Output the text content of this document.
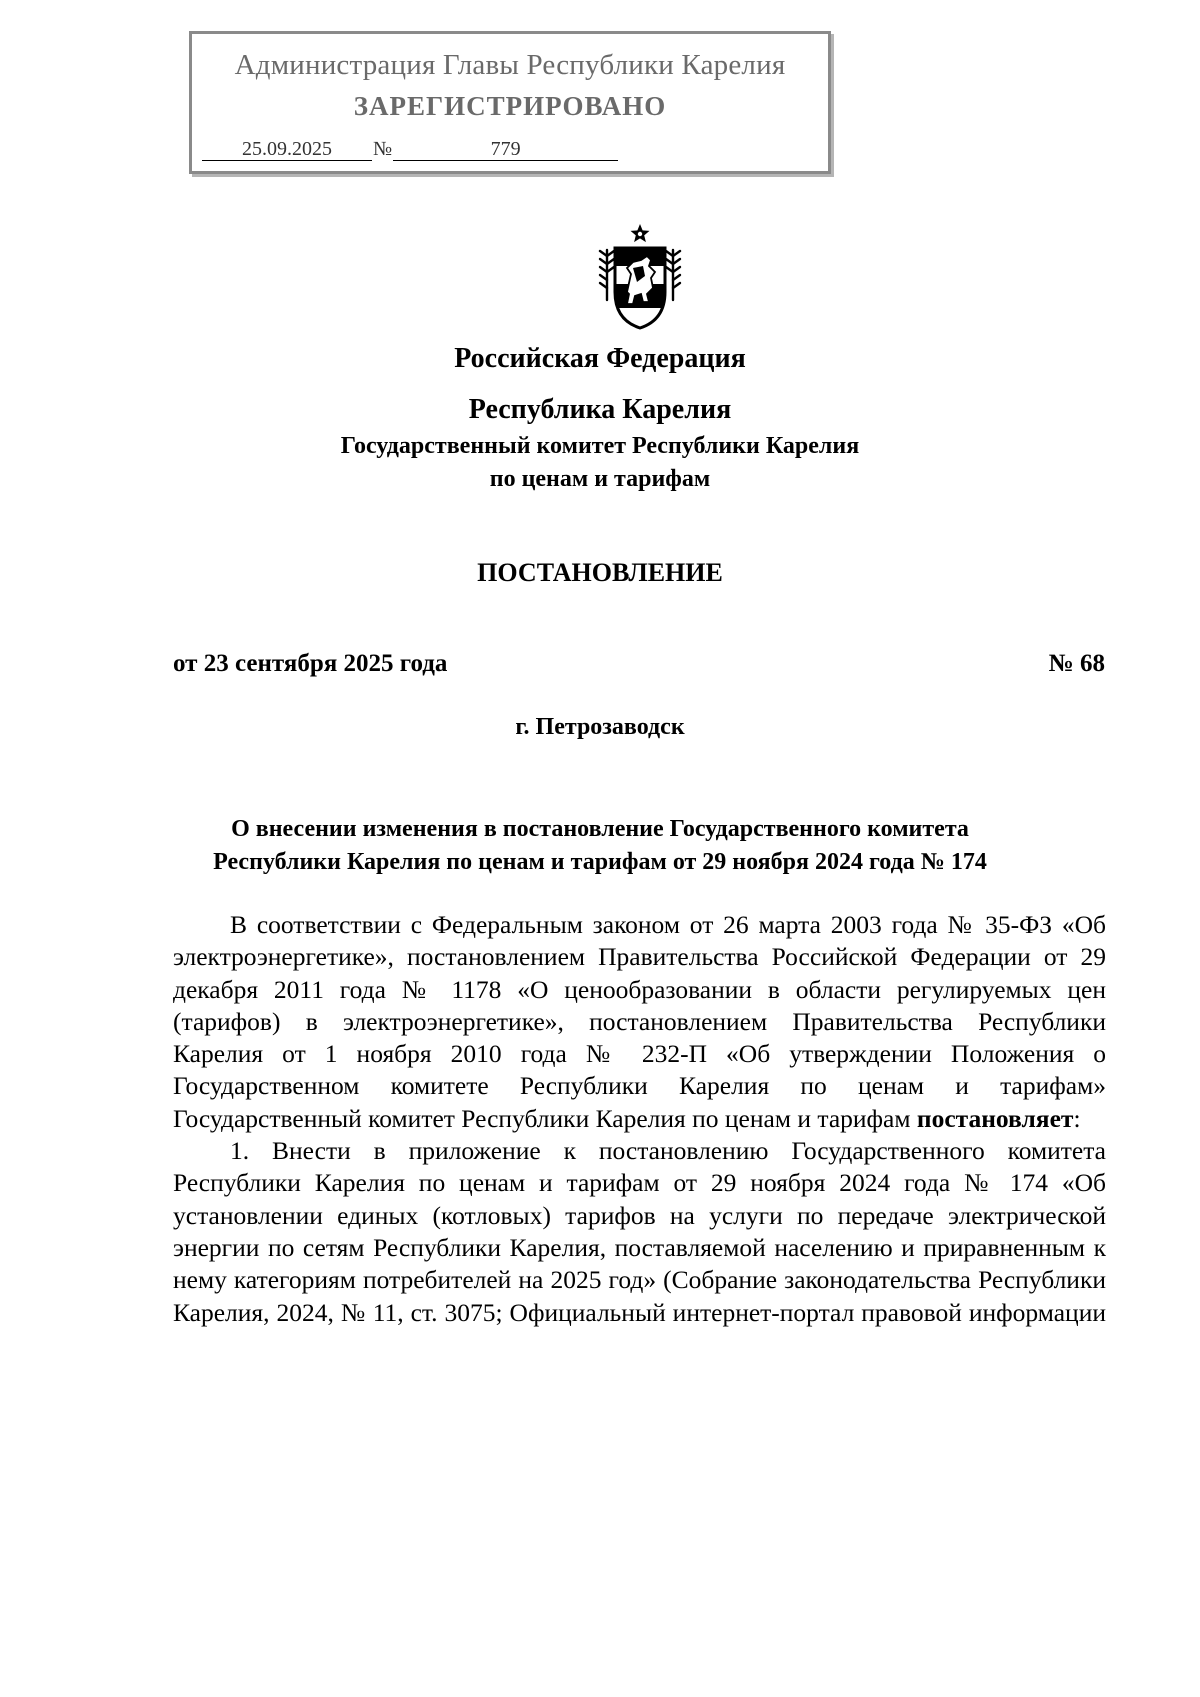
Администрация Главы Республики Карелия
ЗАРЕГИСТРИРОВАНО
25.09.2025 №	779
Российская Федерация
Республика Карелия
Государственный комитет Республики Карелия
по ценам и тарифам
ПОСТАНОВЛЕНИЕ
от 23 сентября 2025 года	№ 68
г. Петрозаводск
О внесении изменения в постановление Государственного комитета
Республики Карелия по ценам и тарифам от 29 ноября 2024 года № 174

В соответствии с Федеральным законом от 26 марта 2003 года № 35-ФЗ «Об электроэнергетике», постановлением Правительства Российской Федерации от 29 декабря 2011 года № 1178 «О ценообразовании в области регулируемых цен (тарифов) в электроэнергетике», постановлением Правительства Республики Карелия от 1 ноября 2010 года № 232-П «Об утверждении Положения о Государственном комитете Республики Карелия по ценам и тарифам» Государственный комитет Республики Карелия по ценам и тарифам постановляет:

1. Внести в приложение к постановлению Государственного комитета Республики Карелия по ценам и тарифам от 29 ноября 2024 года № 174 «Об установлении единых (котловых) тарифов на услуги по передаче электрической энергии по сетям Республики Карелия, поставляемой населению и приравненным к нему категориям потребителей на 2025 год» (Собрание законодательства Республики Карелия, 2024, № 11, ст. 3075; Официальный интернет-портал правовой информации
